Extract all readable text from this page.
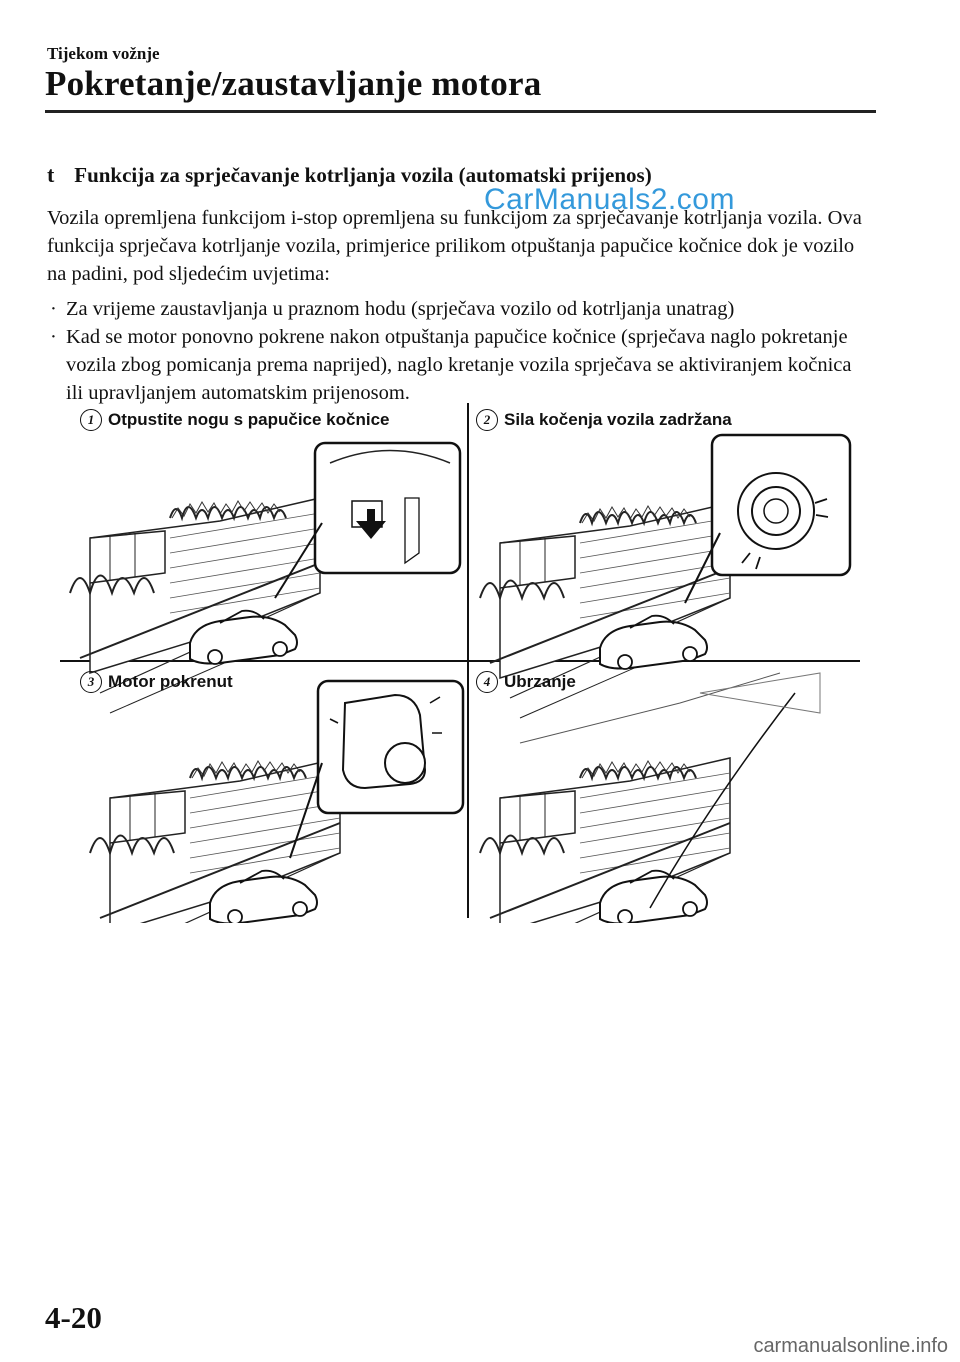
Tijekom vožnje
Pokretanje/zaustavljanje motora
t Funkcija za sprječavanje kotrljanja vozila (automatski prijenos)
Vozila opremljena funkcijom i-stop opremljena su funkcijom za sprječavanje kotrljanja vozila. Ova funkcija sprječava kotrljanje vozila, primjerice prilikom otpuštanja papučice kočnice dok je vozilo na padini, pod sljedećim uvjetima:
CarManuals2.com
· Za vrijeme zaustavljanja u praznom hodu (sprječava vozilo od kotrljanja unatrag)
· Kad se motor ponovno pokrene nakon otpuštanja papučice kočnice (sprječava naglo pokretanje vozila zbog pomicanja prema naprijed), naglo kretanje vozila sprječava se aktiviranjem kočnica ili upravljanjem automatskim prijenosom.
1 Otpustite nogu s papučice kočnice	2 Sila kočenja vozila zadržana
3 Motor pokrenut	4 Ubrzanje
4-20
carmanualsonline.info
